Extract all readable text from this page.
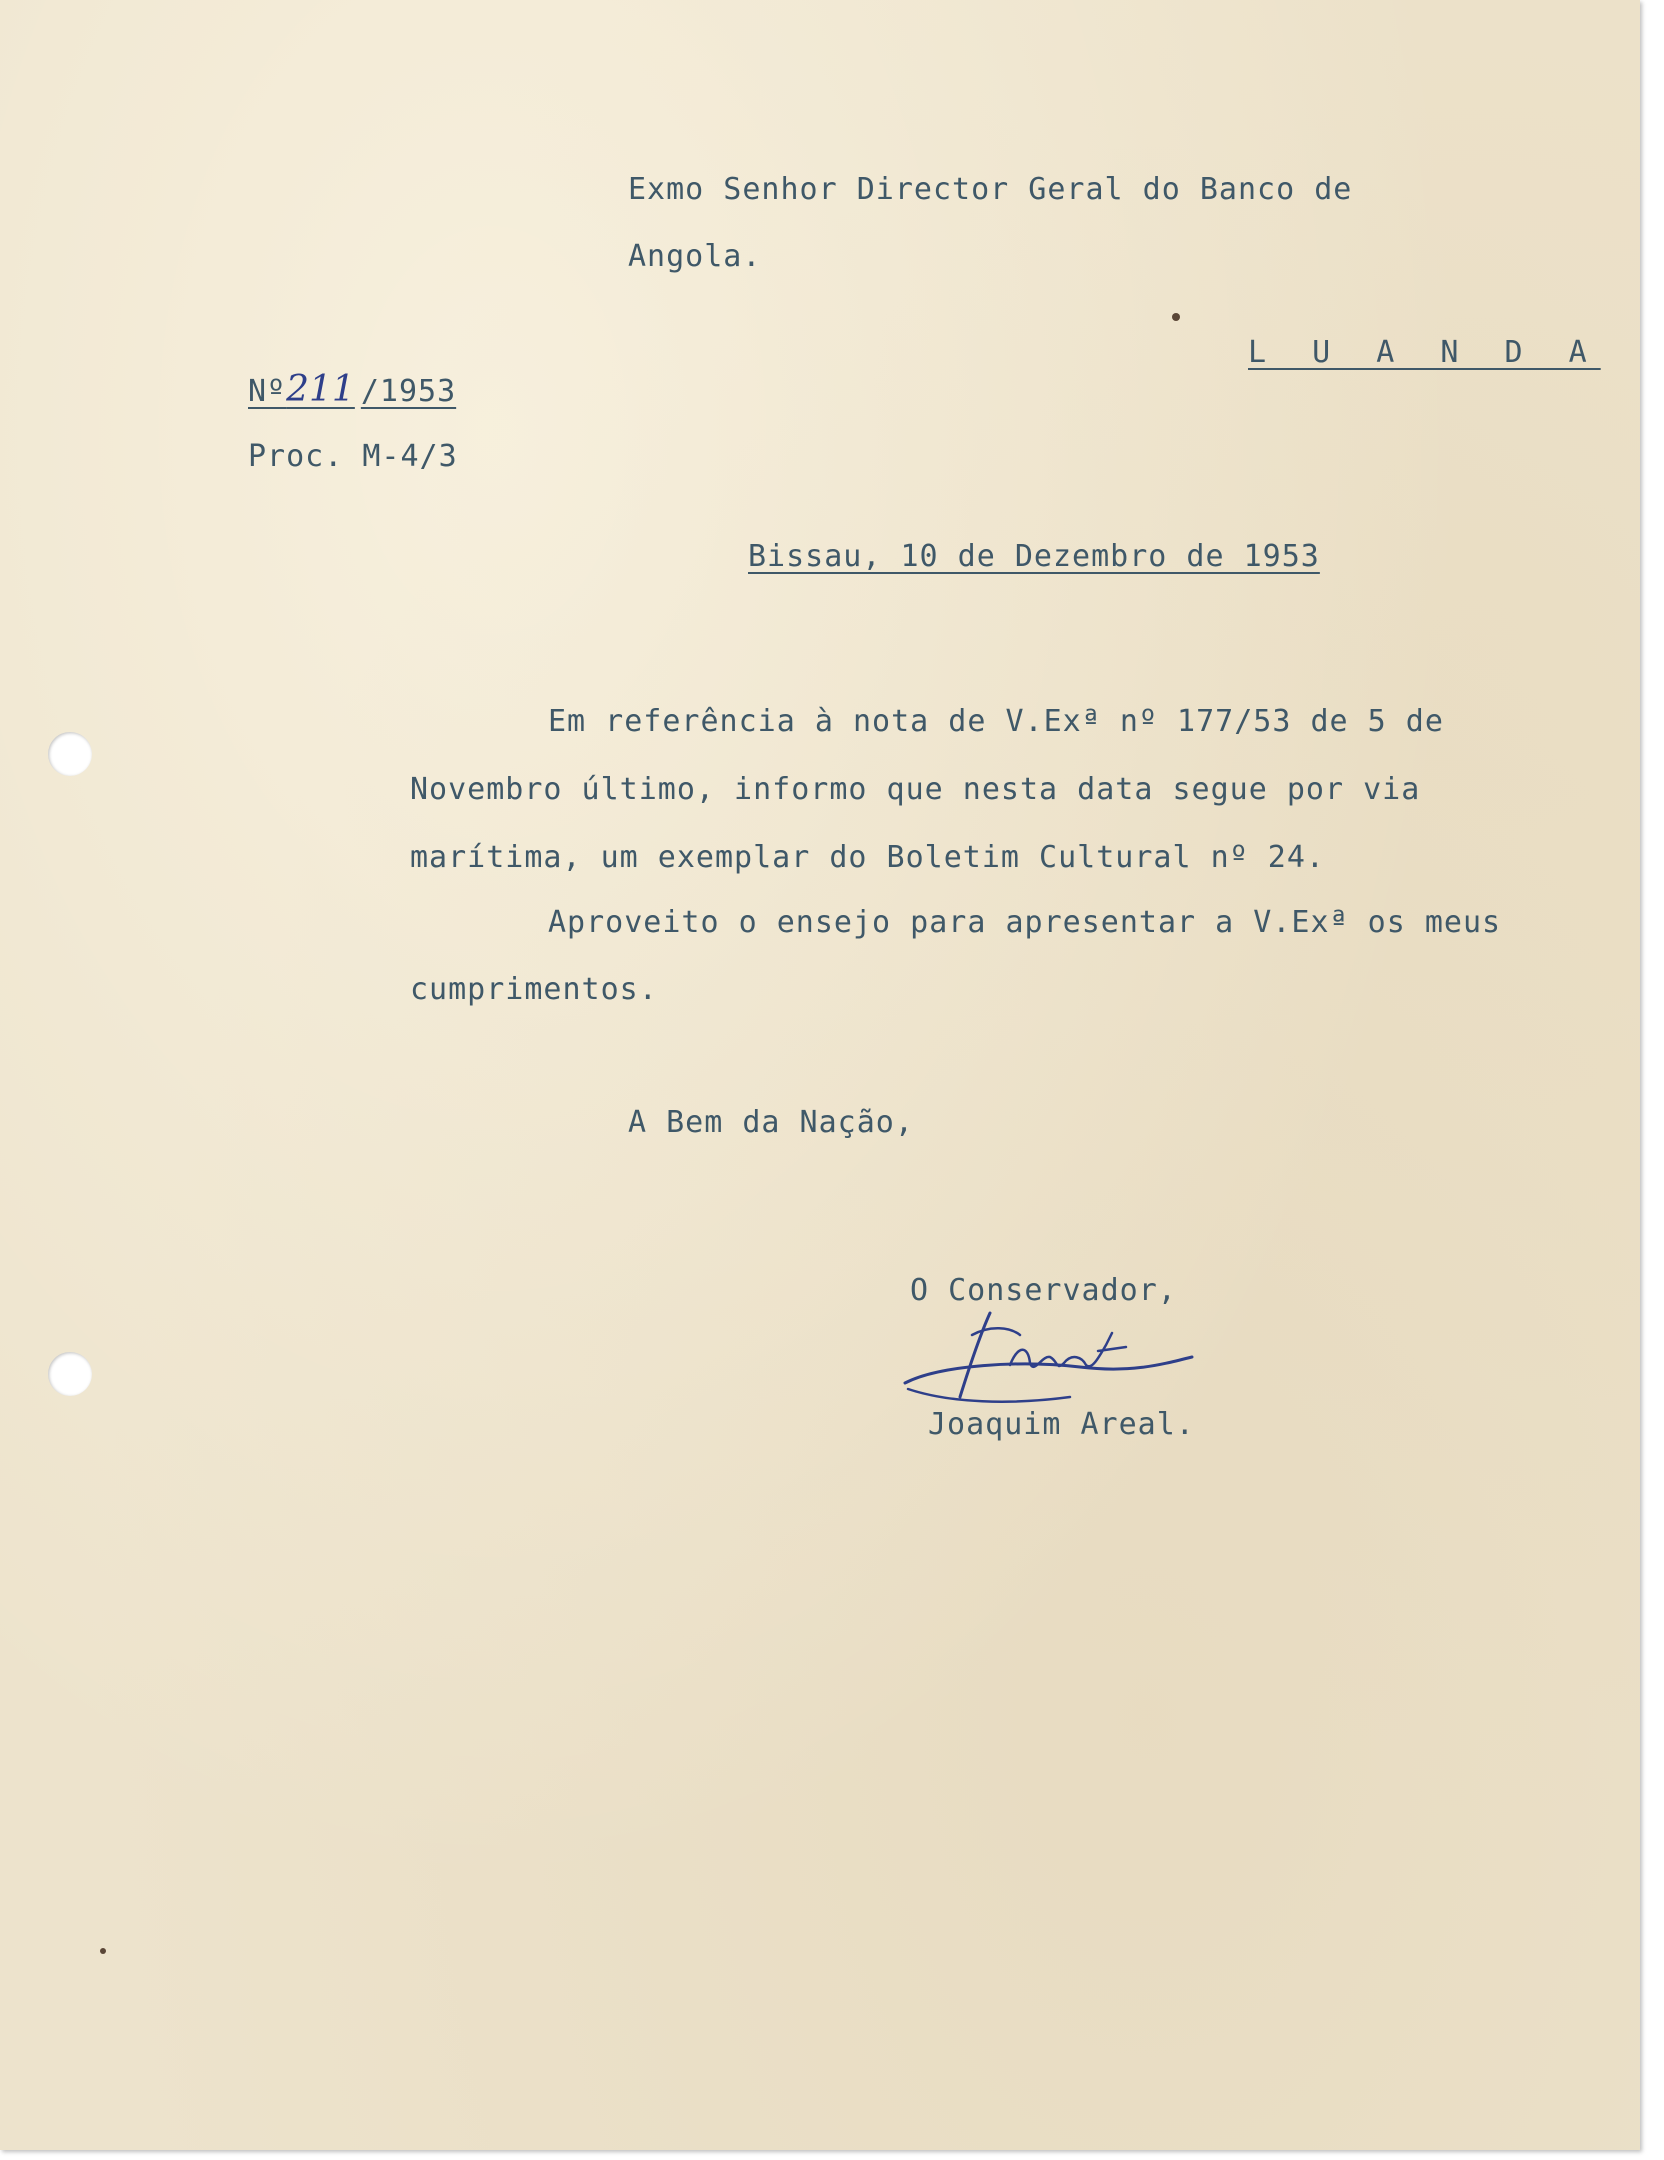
Exmo Senhor Director Geral do Banco de
Angola.
L U A N D A
Nº211 /1953
Proc. M-4/3
Bissau, 10 de Dezembro de 1953
Em referência à nota de V.Exª nº 177/53 de 5 de
Novembro último, informo que nesta data segue por via
marítima, um exemplar do Boletim Cultural nº 24.
Aproveito o ensejo para apresentar a V.Exª os meus
cumprimentos.
A Bem da Nação,
O Conservador,
Joaquim Areal.
